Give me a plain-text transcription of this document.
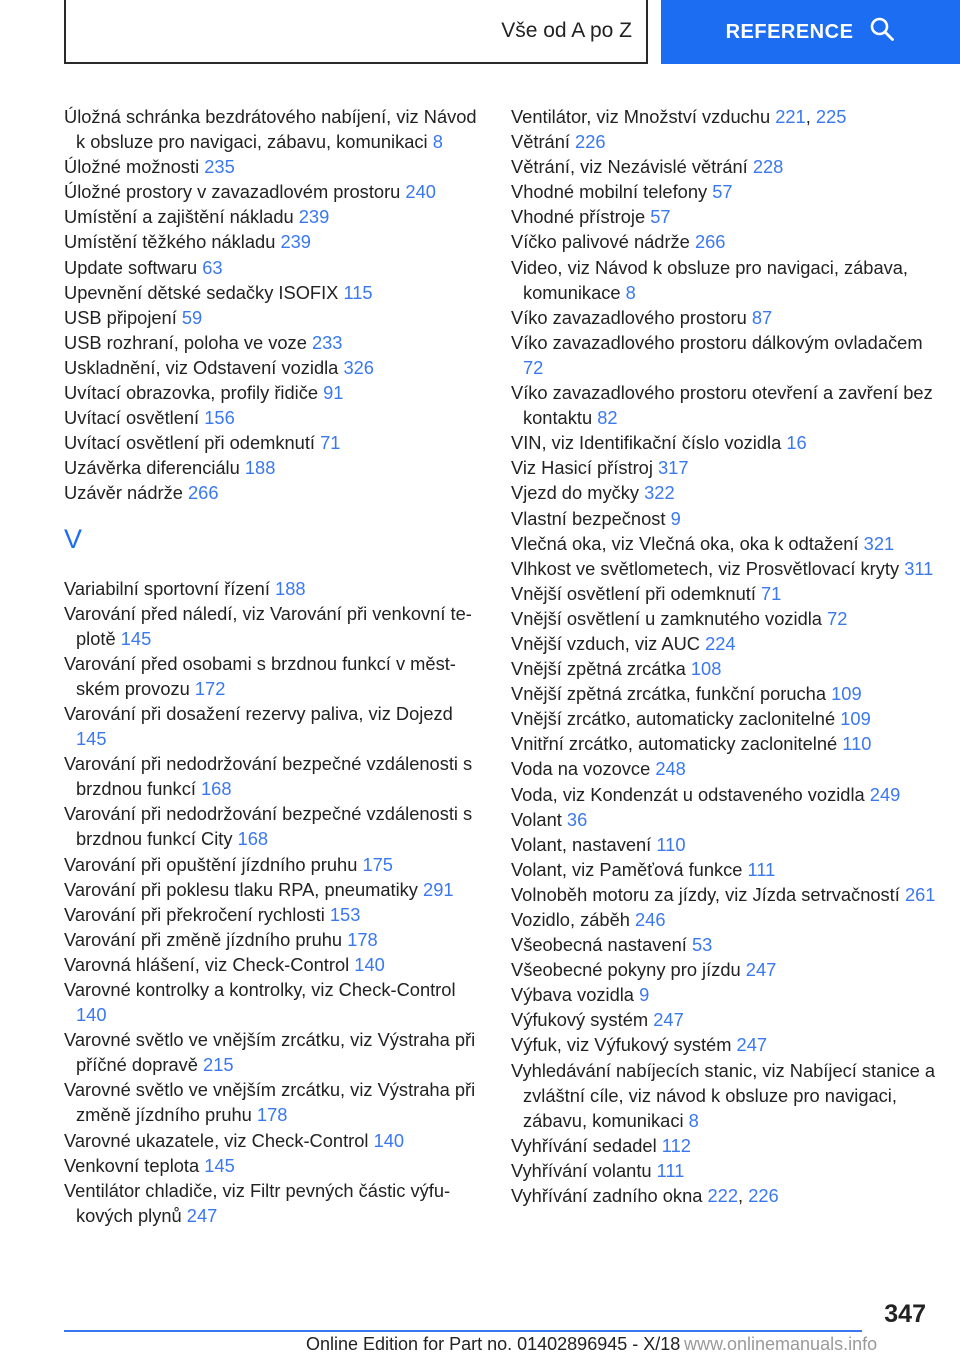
Vše od A po Z	REFERENCE
Úložná schránka bezdrátového nabíjení, viz Návod k obsluze pro navigaci, zábavu, komunikaci 8
Úložné možnosti 235
Úložné prostory v zavazadlovém prostoru 240
Umístění a zajištění nákladu 239
Umístění těžkého nákladu 239
Update softwaru 63
Upevnění dětské sedačky ISOFIX 115
USB připojení 59
USB rozhraní, poloha ve voze 233
Uskladnění, viz Odstavení vozidla 326
Uvítací obrazovka, profily řidiče 91
Uvítací osvětlení 156
Uvítací osvětlení při odemknutí 71
Uzávěrka diferenciálu 188
Uzávěr nádrže 266
V
Variabilní sportovní řízení 188
Varování před náledí, viz Varování při venkovní teplotě 145
Varování před osobami s brzdnou funkcí v městském provozu 172
Varování při dosažení rezervy paliva, viz Dojezd 145
Varování při nedodržování bezpečné vzdálenosti s brzdnou funkcí 168
Varování při nedodržování bezpečné vzdálenosti s brzdnou funkcí City 168
Varování při opuštění jízdního pruhu 175
Varování při poklesu tlaku RPA, pneumatiky 291
Varování při překročení rychlosti 153
Varování při změně jízdního pruhu 178
Varovná hlášení, viz Check-Control 140
Varovné kontrolky a kontrolky, viz Check-Control 140
Varovné světlo ve vnějším zrcátku, viz Výstraha při příčné dopravě 215
Varovné světlo ve vnějším zrcátku, viz Výstraha při změně jízdního pruhu 178
Varovné ukazatele, viz Check-Control 140
Venkovní teplota 145
Ventilátor chladiče, viz Filtr pevných částic výfukových plynů 247
Ventilátor, viz Množství vzduchu 221, 225
Větrání 226
Větrání, viz Nezávislé větrání 228
Vhodné mobilní telefony 57
Vhodné přístroje 57
Víčko palivové nádrže 266
Video, viz Návod k obsluze pro navigaci, zábava, komunikace 8
Víko zavazadlového prostoru 87
Víko zavazadlového prostoru dálkovým ovladačem 72
Víko zavazadlového prostoru otevření a zavření bez kontaktu 82
VIN, viz Identifikační číslo vozidla 16
Viz Hasicí přístroj 317
Vjezd do myčky 322
Vlastní bezpečnost 9
Vlečná oka, viz Vlečná oka, oka k odtažení 321
Vlhkost ve světlometech, viz Prosvětlovací kryty 311
Vnější osvětlení při odemknutí 71
Vnější osvětlení u zamknutého vozidla 72
Vnější vzduch, viz AUC 224
Vnější zpětná zrcátka 108
Vnější zpětná zrcátka, funkční porucha 109
Vnější zrcátko, automaticky zaclonitelné 109
Vnitřní zrcátko, automaticky zaclonitelné 110
Voda na vozovce 248
Voda, viz Kondenzát u odstaveného vozidla 249
Volant 36
Volant, nastavení 110
Volant, viz Paměťová funkce 111
Volnoběh motoru za jízdy, viz Jízda setrvačností 261
Vozidlo, záběh 246
Všeobecná nastavení 53
Všeobecné pokyny pro jízdu 247
Výbava vozidla 9
Výfukový systém 247
Výfuk, viz Výfukový systém 247
Vyhledávání nabíjecích stanic, viz Nabíjecí stanice a zvláštní cíle, viz návod k obsluze pro navigaci, zábavu, komunikaci 8
Vyhřívání sedadel 112
Vyhřívání volantu 111
Vyhřívání zadního okna 222, 226
347
Online Edition for Part no. 01402896945 - X/18 www.onlinemanuals.info
